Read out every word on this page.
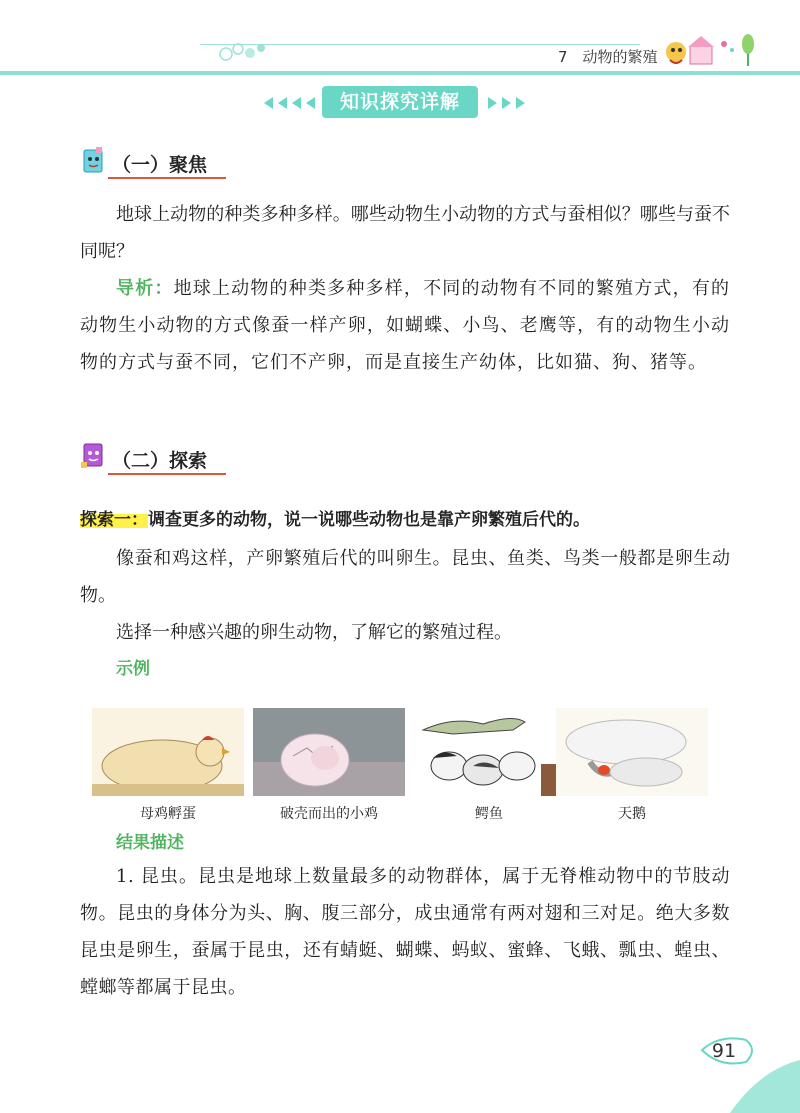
7　动物的繁殖
知识探究详解
（一）聚焦

地球上动物的种类多种多样。哪些动物生小动物的方式与蚕相似？哪些与蚕不同呢？

导析：地球上动物的种类多种多样，不同的动物有不同的繁殖方式，有的动物生小动物的方式像蚕一样产卵，如蝴蝶、小鸟、老鹰等，有的动物生小动物的方式与蚕不同，它们不产卵，而是直接生产幼体，比如猫、狗、猪等。

（二）探索

探索一：调查更多的动物，说一说哪些动物也是靠产卵繁殖后代的。

像蚕和鸡这样，产卵繁殖后代的叫卵生。昆虫、鱼类、鸟类一般都是卵生动物。

选择一种感兴趣的卵生动物，了解它的繁殖过程。

示例
母鸡孵蛋	破壳而出的小鸡	鳄鱼	天鹅
结果描述

1. 昆虫。昆虫是地球上数量最多的动物群体，属于无脊椎动物中的节肢动物。昆虫的身体分为头、胸、腹三部分，成虫通常有两对翅和三对足。绝大多数昆虫是卵生，蚕属于昆虫，还有蜻蜓、蝴蝶、蚂蚁、蜜蜂、飞蛾、瓢虫、蝗虫、螳螂等都属于昆虫。

91
